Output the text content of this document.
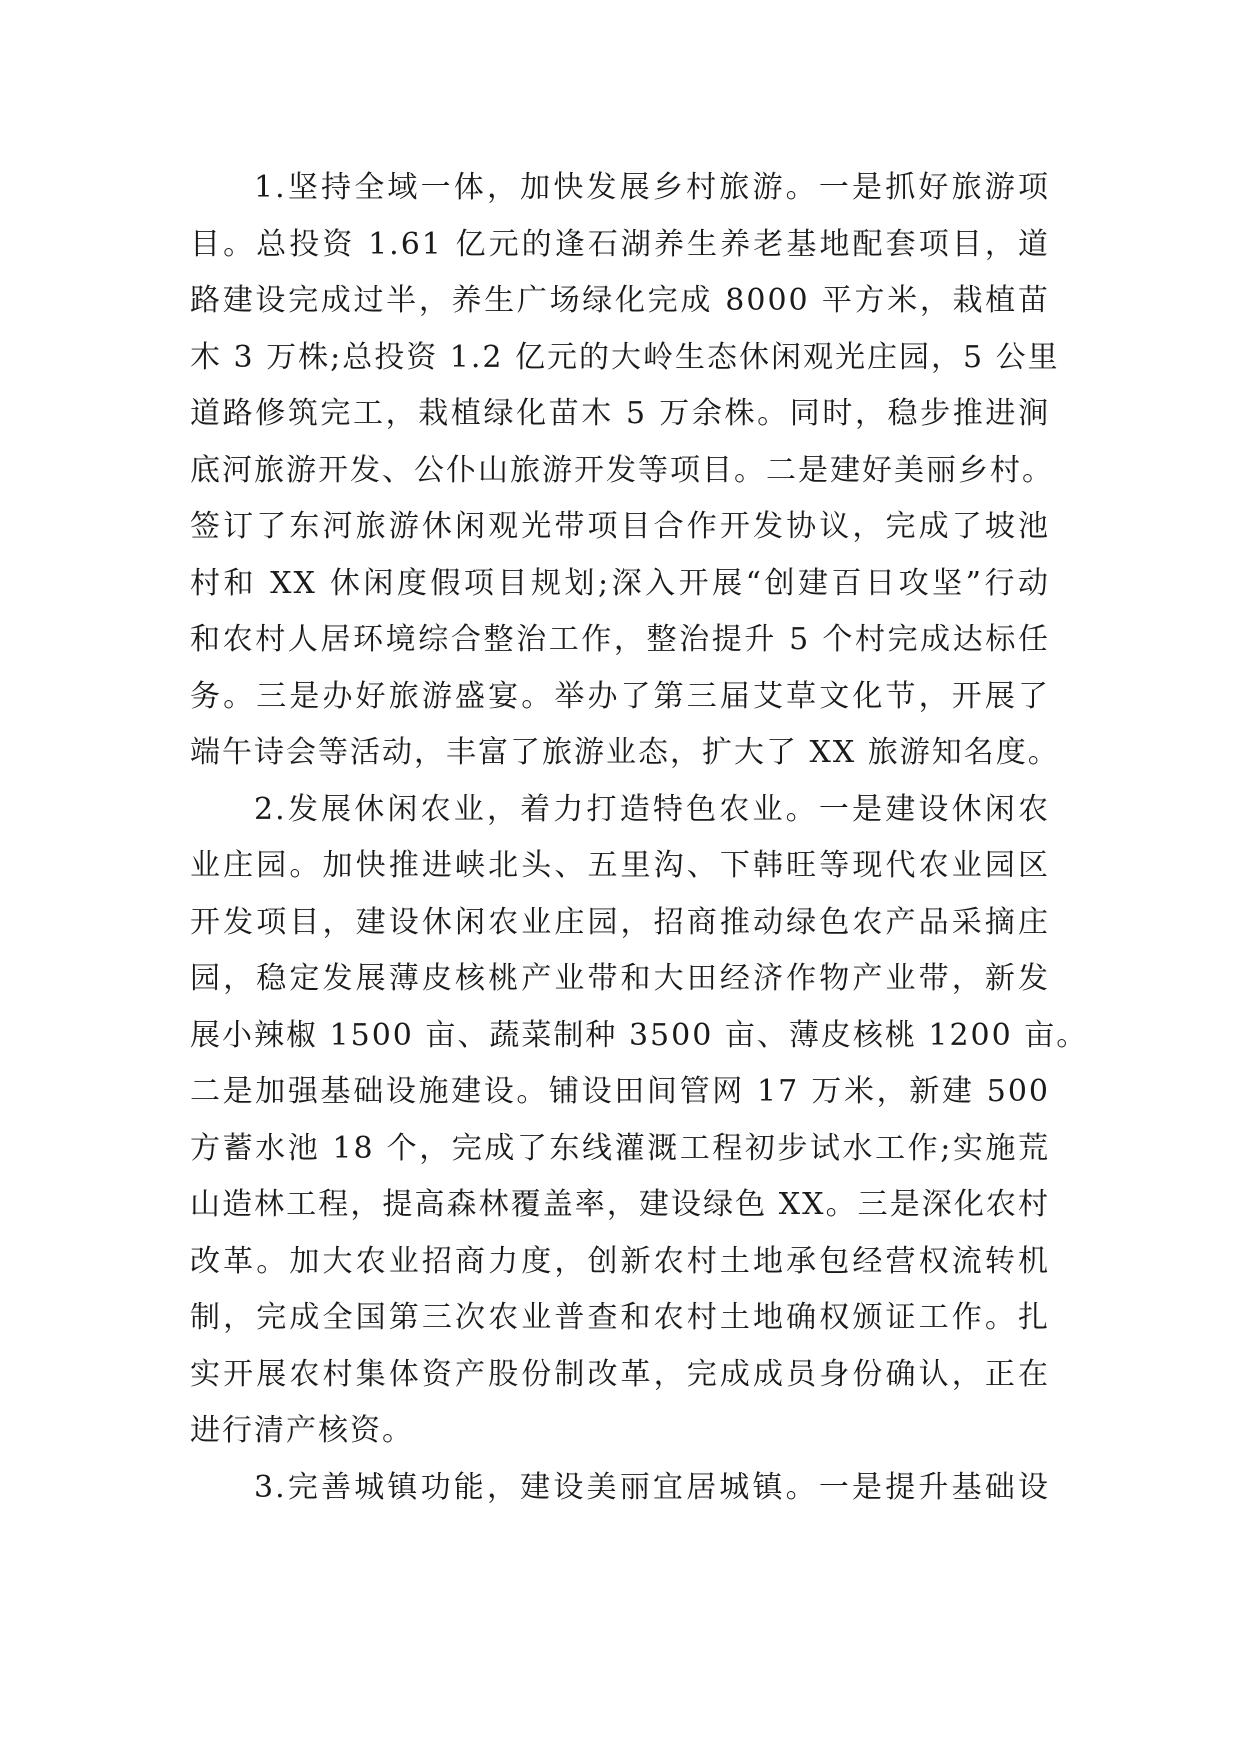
1.坚持全域一体，加快发展乡村旅游。一是抓好旅游项
目。总投资 1.61 亿元的逢石湖养生养老基地配套项目，道
路建设完成过半，养生广场绿化完成 8000 平方米，栽植苗
木 3 万株;总投资 1.2 亿元的大岭生态休闲观光庄园，5 公里
道路修筑完工，栽植绿化苗木 5 万余株。同时，稳步推进涧
底河旅游开发、公仆山旅游开发等项目。二是建好美丽乡村。
签订了东河旅游休闲观光带项目合作开发协议，完成了坡池
村和 XX 休闲度假项目规划;深入开展“创建百日攻坚”行动
和农村人居环境综合整治工作，整治提升 5 个村完成达标任
务。三是办好旅游盛宴。举办了第三届艾草文化节，开展了
端午诗会等活动，丰富了旅游业态，扩大了 XX 旅游知名度。
2.发展休闲农业，着力打造特色农业。一是建设休闲农
业庄园。加快推进峡北头、五里沟、下韩旺等现代农业园区
开发项目，建设休闲农业庄园，招商推动绿色农产品采摘庄
园，稳定发展薄皮核桃产业带和大田经济作物产业带，新发
展小辣椒 1500 亩、蔬菜制种 3500 亩、薄皮核桃 1200 亩。
二是加强基础设施建设。铺设田间管网 17 万米，新建 500
方蓄水池 18 个，完成了东线灌溉工程初步试水工作;实施荒
山造林工程，提高森林覆盖率，建设绿色 XX。三是深化农村
改革。加大农业招商力度，创新农村土地承包经营权流转机
制，完成全国第三次农业普查和农村土地确权颁证工作。扎
实开展农村集体资产股份制改革，完成成员身份确认，正在
进行清产核资。
3.完善城镇功能，建设美丽宜居城镇。一是提升基础设
